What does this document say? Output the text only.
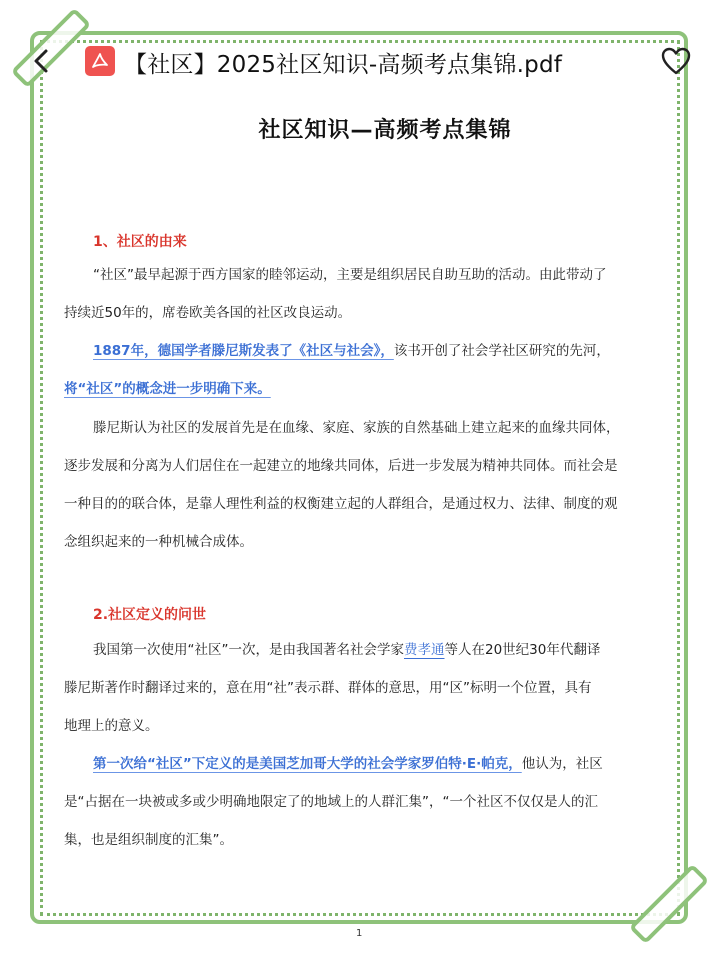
【社区】2025社区知识-高频考点集锦.pdf
社区知识—高频考点集锦
1、社区的由来
“社区”最早起源于西方国家的睦邻运动，主要是组织居民自助互助的活动。由此带动了
持续近50年的，席卷欧美各国的社区改良运动。
1887年，德国学者滕尼斯发表了《社区与社会》，该书开创了社会学社区研究的先河，
将“社区”的概念进一步明确下来。
滕尼斯认为社区的发展首先是在血缘、家庭、家族的自然基础上建立起来的血缘共同体，
逐步发展和分离为人们居住在一起建立的地缘共同体，后进一步发展为精神共同体。而社会是
一种目的的联合体，是靠人理性利益的权衡建立起的人群组合，是通过权力、法律、制度的观
念组织起来的一种机械合成体。
2.社区定义的问世
我国第一次使用“社区”一次，是由我国著名社会学家费孝通等人在20世纪30年代翻译
滕尼斯著作时翻译过来的，意在用“社”表示群、群体的意思，用“区”标明一个位置，具有
地理上的意义。
第一次给“社区”下定义的是美国芝加哥大学的社会学家罗伯特·E·帕克，他认为，社区
是“占据在一块被或多或少明确地限定了的地域上的人群汇集”，“一个社区不仅仅是人的汇
集，也是组织制度的汇集”。
1
